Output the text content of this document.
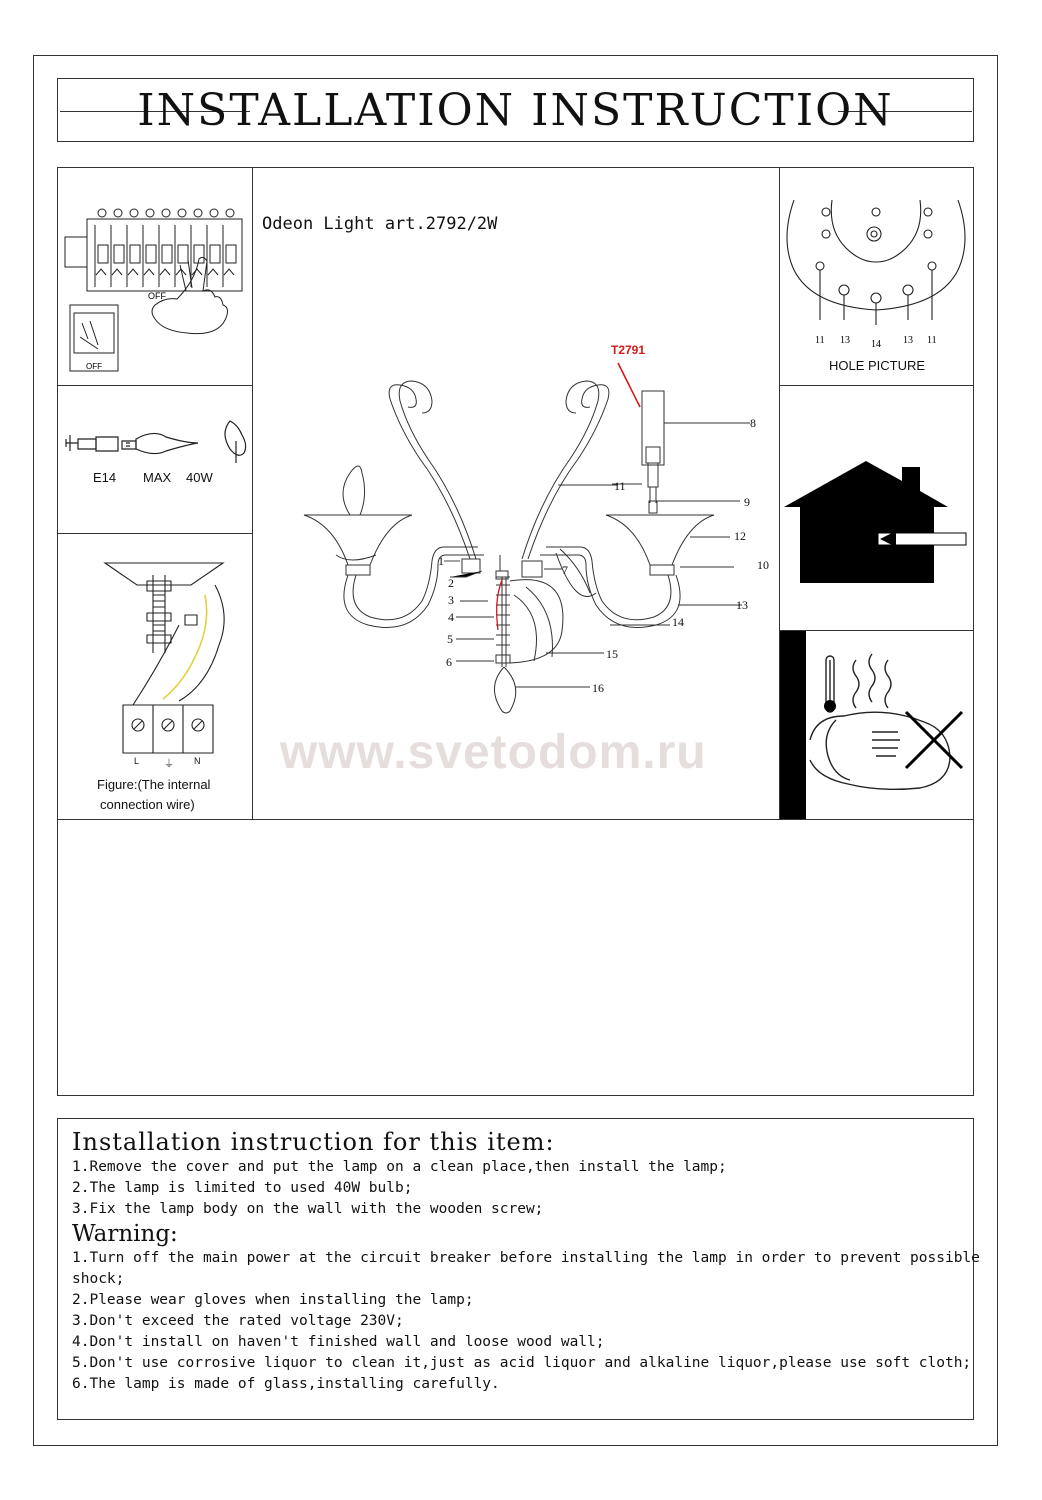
INSTALLATION INSTRUCTION
OFF
OFF
E14 MAX 40W
L ⏚ N
Figure:(The internal
connection wire)
11 13 14 13 11
HOLE PICTURE
Odeon Light art.2792/2W
T2791
1
2
3
4
5
6
7
8
9
10
11
12
13
14
15
16
www.svetodom.ru
Installation instruction for this item:
1.Remove the cover and put the lamp on a clean place,then install the lamp;
2.The lamp is limited to used 40W bulb;
3.Fix the lamp body on the wall with the wooden screw;
Warning:
1.Turn off the main power at the circuit breaker before installing the lamp in order to prevent possible
shock;
2.Please wear gloves when installing the lamp;
3.Don't exceed the rated voltage 230V;
4.Don't install on haven't finished wall and loose wood wall;
5.Don't use corrosive liquor to clean it,just as acid liquor and alkaline liquor,please use soft cloth;
6.The lamp is made of glass,installing carefully.
